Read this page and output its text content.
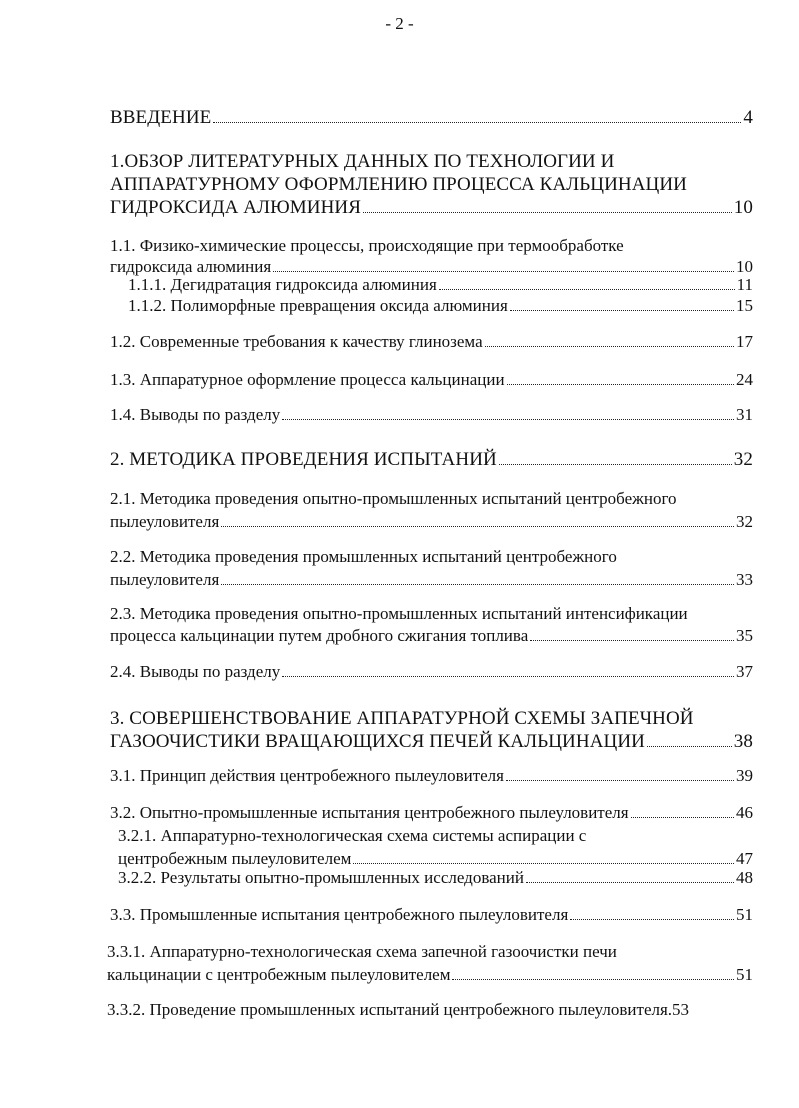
- 2 -
ВВЕДЕНИЕ	4
1.ОБЗОР ЛИТЕРАТУРНЫХ ДАННЫХ ПО ТЕХНОЛОГИИ И
АППАРАТУРНОМУ ОФОРМЛЕНИЮ ПРОЦЕССА КАЛЬЦИНАЦИИ
ГИДРОКСИДА АЛЮМИНИЯ	10
1.1. Физико-химические процессы, происходящие при термообработке
гидроксида алюминия	10
1.1.1. Дегидратация гидроксида алюминия	11
1.1.2. Полиморфные превращения оксида алюминия	15
1.2. Современные требования к качеству глинозема	17
1.3. Аппаратурное оформление процесса кальцинации	24
1.4. Выводы по разделу	31
2. МЕТОДИКА ПРОВЕДЕНИЯ ИСПЫТАНИЙ	32
2.1. Методика проведения опытно-промышленных испытаний центробежного
пылеуловителя	32
2.2. Методика проведения промышленных испытаний центробежного
пылеуловителя	33
2.3. Методика проведения опытно-промышленных испытаний интенсификации
процесса кальцинации путем дробного сжигания топлива	35
2.4. Выводы по разделу	37
3. СОВЕРШЕНСТВОВАНИЕ АППАРАТУРНОЙ СХЕМЫ ЗАПЕЧНОЙ
ГАЗООЧИСТИКИ ВРАЩАЮЩИХСЯ ПЕЧЕЙ КАЛЬЦИНАЦИИ	38
3.1. Принцип действия центробежного пылеуловителя	39
3.2. Опытно-промышленные испытания центробежного пылеуловителя	46
3.2.1. Аппаратурно-технологическая схема системы аспирации с
центробежным пылеуловителем	47
3.2.2. Результаты опытно-промышленных исследований	48
3.3. Промышленные испытания центробежного пылеуловителя	51
3.3.1. Аппаратурно-технологическая схема запечной газоочистки печи
кальцинации с центробежным пылеуловителем	51
3.3.2. Проведение промышленных испытаний центробежного пылеуловителя. 53
